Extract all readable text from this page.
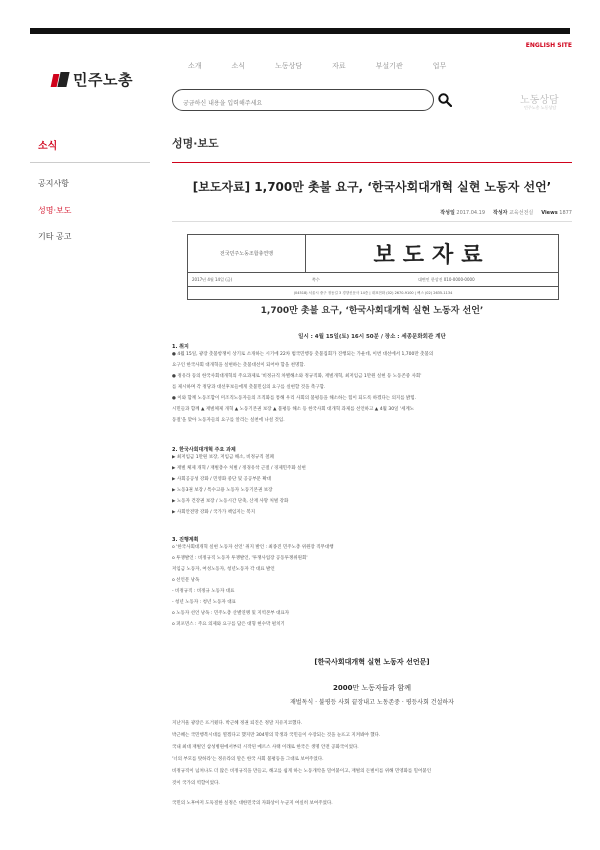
ENGLISH SITE
민주노총
소개	소식	노동상담	자료	부설기관	업무
궁금하신 내용을 입력해주세요
노동상담
민주노총 노동상담
소식
공지사항
성명·보도
기타 공고
성명·보도
[보도자료] 1,700만 촛불 요구, ‘한국사회대개혁 실현 노동자 선언’
작성일 2017.04.19 작성자 교육선전실 Views 1877
전국민주노동조합총연맹	보도자료
2017년 4월 14일 (금)	쪽수	대변인 한상진 010-0000-0000
(04518) 서울시 중구 정동길 3 경향신문사 14층 | 대표전화 (02) 2670-9100 | 팩스 (02) 2635-1134
1,700만 촛불 요구, ‘한국사회대개혁 실현 노동자 선언’
일시 : 4월 15일(토) 16시 50분 / 장소 : 세종문화회관 계단
1. 취지
● 4월 15일, 광장 촛불항쟁이 상기로 소개하는 시기에 22차 범국민행동 촛불집회가 진행되는 가운데, 이번 대선에서 1,700만 촛불의
요구인 한국사회 대개혁을 실현하는 촛불대선이 되어야 함을 천명함.
● 정유라 등의 한국사회대개혁의 주요과제로 '비정규직 차별해소와 정규직화, 재벌개혁, 최저임금 1만원 실현 등 노동존중 사회'
를 제시하며 각 정당과 대선후보들에게 촛불민심의 요구를 실현할 것을 촉구함.
● 이와 함께 노동조합이 미조직노동자들의 조직화를 통해 우리 사회의 불평등을 해소하는 힘이 되도록 하겠다는 의지를 밝힘.
시민들과 함께 ▲ 재벌체제 개혁 ▲ 노동기본권 보장 ▲ 불평등 해소 등 한국사회 대개혁 과제를 선언하고 ▲ 4월 30일 '세계노
동절'을 맞아 노동자들의 요구를 알리는 실천에 나설 것임.
2. 한국사회대개혁 주요 과제
▶ 최저임금 1만원 보장, 저임금 해소, 비정규직 철폐
▶ 재벌 체제 개혁 / 재벌총수 처벌 / 정경유착 근절 / 경제민주화 실현
▶ 사회공공성 강화 / 민영화 중단 및 공공부문 확대
▶ 노동3권 보장 / 특수고용 노동자 노동기본권 보장
▶ 노동자 건강권 보장 / 노동시간 단축, 산재 사망 처벌 강화
▶ 사회안전망 강화 / 국가가 책임지는 복지
3. 진행계획
o '한국사회대개혁 실현 노동자 선언' 취지 발언 : 최종진 민주노총 위원장 직무대행
o 투쟁발언 : 비정규직 노동자 투쟁발언, '투쟁사업장 공동투쟁위원회'
저임금 노동자, 여성노동자, 청년노동자 각 대표 발언
o 선언문 낭독
- 비정규직 : 비정규 노동자 대표
- 청년 노동자 : 청년 노동자 대표
o 노동자 선언 낭독 : 민주노총 산별연맹 및 지역본부 대표자
o 퍼포먼스 : 주요 의제와 요구를 담은 대형 현수막 펼치기
[한국사회대개혁 실현 노동자 선언문]
2000만 노동자들과 함께
재벌독식 · 불평등 사회 끝장내고 노동존중 · 평등사회 건설하자
지난겨울 광장은 뜨거웠다. 박근혜 정권 퇴진은 정말 지유지코했다.
박근혜는 국민행복시대를 열겠다고 했지만 304명의 학생과 국민들이 수장되는 것을 눈뜨고 지켜봐야 했다.
국내 최대 재벌인 삼성병원에서부터 시작된 메르스 사태 이래로 한국은 생명 안전 공화국이었다.
'너의 부모를 탓하라'는 정유라의 말은 한국 사회 불평등을 그대로 보여주었다.
비정규직이 넘쳐나도 더 많은 비정규직을 만들고, 해고를 쉽게 하는 노동개악을 밀어붙이고, 재벌의 돈벌이를 위해 민영화를 밀어붙인
것이 국가의 역할이었다.
국민의 노후마저 도둑질한 실정은 대한민국의 자화상이 누군지 여실히 보여주었다.
